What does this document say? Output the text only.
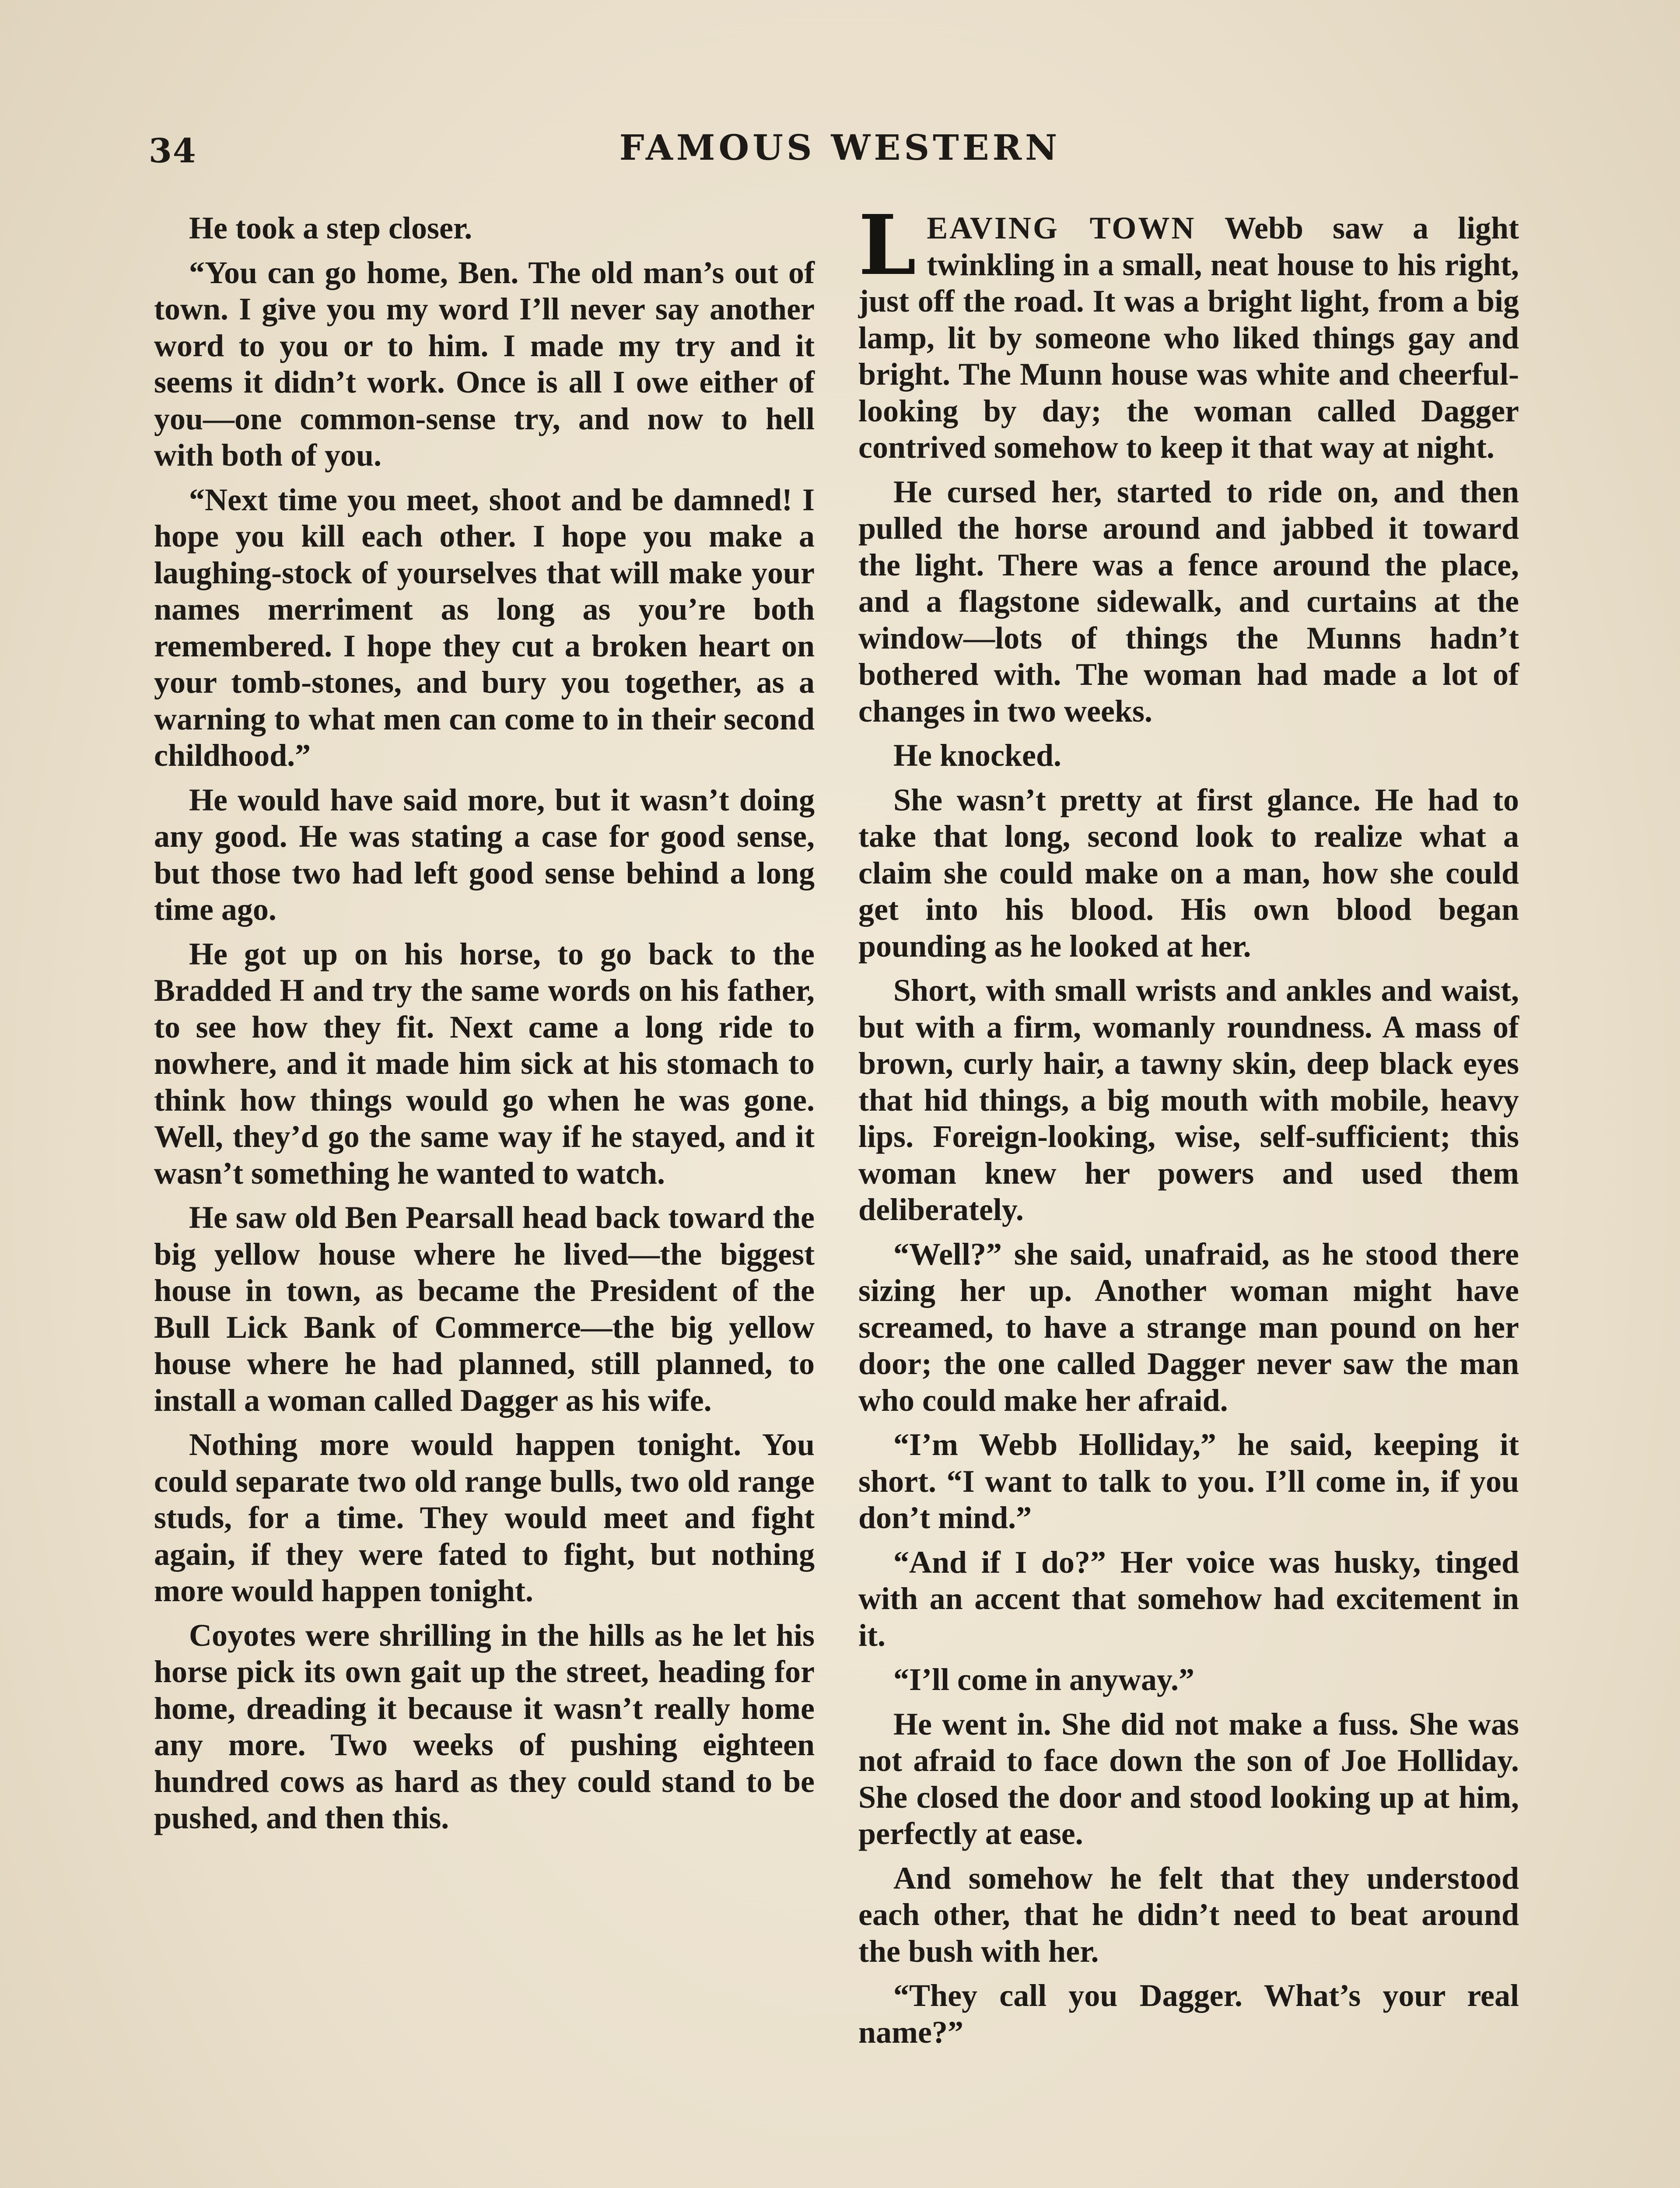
34	FAMOUS WESTERN

He took a step closer.

“You can go home, Ben. The old man’s out of town. I give you my word I’ll never say another word to you or to him. I made my try and it seems it didn’t work. Once is all I owe either of you—one common-sense try, and now to hell with both of you.

“Next time you meet, shoot and be damned! I hope you kill each other. I hope you make a laughing-stock of yourselves that will make your names merriment as long as you’re both remembered. I hope they cut a broken heart on your tomb-stones, and bury you together, as a warning to what men can come to in their second childhood.”

He would have said more, but it wasn’t doing any good. He was stating a case for good sense, but those two had left good sense behind a long time ago.

He got up on his horse, to go back to the Bradded H and try the same words on his father, to see how they fit. Next came a long ride to nowhere, and it made him sick at his stomach to think how things would go when he was gone. Well, they’d go the same way if he stayed, and it wasn’t something he wanted to watch.

He saw old Ben Pearsall head back toward the big yellow house where he lived—the biggest house in town, as became the President of the Bull Lick Bank of Commerce—the big yellow house where he had planned, still planned, to install a woman called Dagger as his wife.

Nothing more would happen tonight. You could separate two old range bulls, two old range studs, for a time. They would meet and fight again, if they were fated to fight, but nothing more would happen tonight.

Coyotes were shrilling in the hills as he let his horse pick its own gait up the street, heading for home, dreading it because it wasn’t really home any more. Two weeks of pushing eighteen hundred cows as hard as they could stand to be pushed, and then this.

LEAVING TOWN Webb saw a light twinkling in a small, neat house to his right, just off the road. It was a bright light, from a big lamp, lit by someone who liked things gay and bright. The Munn house was white and cheerful-looking by day; the woman called Dagger contrived somehow to keep it that way at night.

He cursed her, started to ride on, and then pulled the horse around and jabbed it toward the light. There was a fence around the place, and a flagstone sidewalk, and curtains at the window—lots of things the Munns hadn’t bothered with. The woman had made a lot of changes in two weeks.

He knocked.

She wasn’t pretty at first glance. He had to take that long, second look to realize what a claim she could make on a man, how she could get into his blood. His own blood began pounding as he looked at her.

Short, with small wrists and ankles and waist, but with a firm, womanly roundness. A mass of brown, curly hair, a tawny skin, deep black eyes that hid things, a big mouth with mobile, heavy lips. Foreign-looking, wise, self-sufficient; this woman knew her powers and used them deliberately.

“Well?” she said, unafraid, as he stood there sizing her up. Another woman might have screamed, to have a strange man pound on her door; the one called Dagger never saw the man who could make her afraid.

“I’m Webb Holliday,” he said, keeping it short. “I want to talk to you. I’ll come in, if you don’t mind.”

“And if I do?” Her voice was husky, tinged with an accent that somehow had excitement in it.

“I’ll come in anyway.”

He went in. She did not make a fuss. She was not afraid to face down the son of Joe Holliday. She closed the door and stood looking up at him, perfectly at ease.

And somehow he felt that they understood each other, that he didn’t need to beat around the bush with her.

“They call you Dagger. What’s your real name?”
